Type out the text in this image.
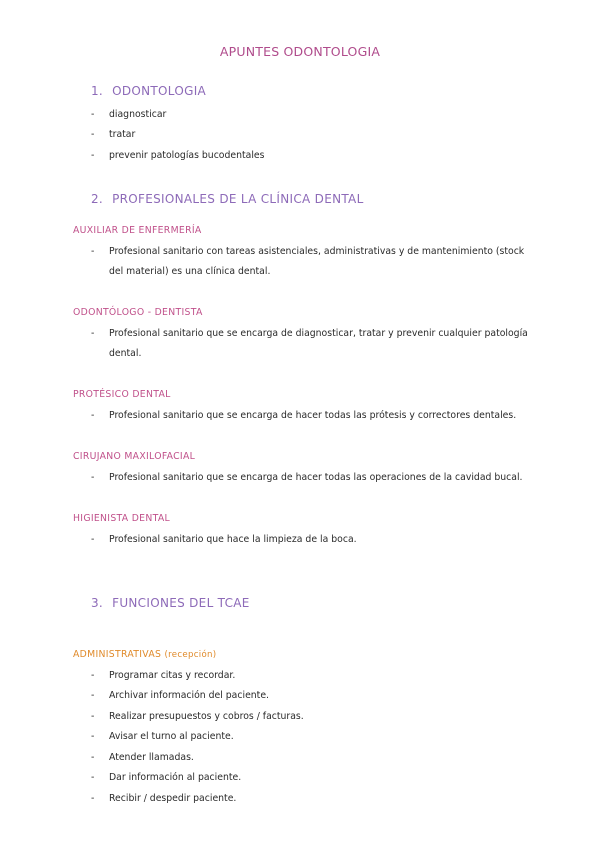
APUNTES ODONTOLOGIA
1. ODONTOLOGIA
- diagnosticar
- tratar
- prevenir patologías bucodentales
2. PROFESIONALES DE LA CLÍNICA DENTAL
AUXILIAR DE ENFERMERÍA
- Profesional sanitario con tareas asistenciales, administrativas y de mantenimiento (stock del material) es una clínica dental.
ODONTÓLOGO - DENTISTA
- Profesional sanitario que se encarga de diagnosticar, tratar y prevenir cualquier patología dental.
PROTÉSICO DENTAL
- Profesional sanitario que se encarga de hacer todas las prótesis y correctores dentales.
CIRUJANO MAXILOFACIAL
- Profesional sanitario que se encarga de hacer todas las operaciones de la cavidad bucal.
HIGIENISTA DENTAL
- Profesional sanitario que hace la limpieza de la boca.
3. FUNCIONES DEL TCAE
ADMINISTRATIVAS (recepción)
- Programar citas y recordar.
- Archivar información del paciente.
- Realizar presupuestos y cobros / facturas.
- Avisar el turno al paciente.
- Atender llamadas.
- Dar información al paciente.
- Recibir / despedir paciente.
